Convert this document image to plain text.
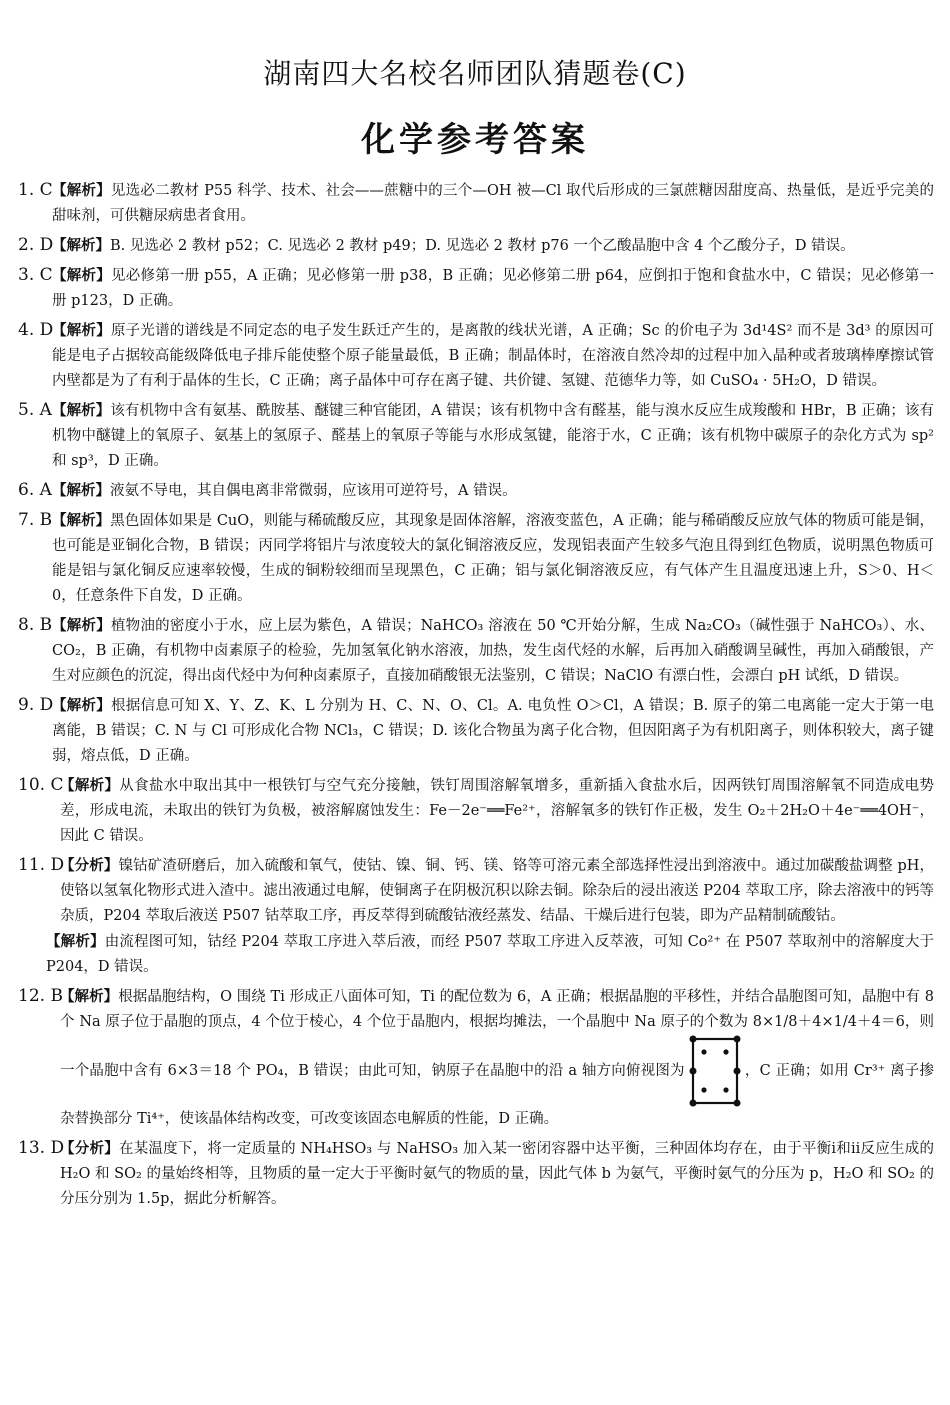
湖南四大名校名师团队猜题卷(C)
化学参考答案
1. C 【解析】见选必二教材 P55 科学、技术、社会——蔗糖中的三个—OH 被—Cl 取代后形成的三氯蔗糖因甜度高、热量低，是近乎完美的甜味剂，可供糖尿病患者食用。
2. D
【解析】B. 见选必 2 教材 p52；C. 见选必 2 教材 p49；D. 见选必 2 教材 p76 一个乙酸晶胞中含 4 个乙酸分子，D 错误。
3. C 【解析】见必修第一册 p55，A 正确；见必修第一册 p38，B 正确；见必修第二册 p64，应倒扣于饱和食盐水中，C 错误；见必修第一册 p123，D 正确。
4. D
【解析】原子光谱的谱线是不同定态的电子发生跃迁产生的，是离散的线状光谱，A 正确；Sc 的价电子为 3d¹4S² 而不是 3d³ 的原因可能是电子占据较高能级降低电子排斥能使整个原子能量最低，B 正确；制晶体时，在溶液自然冷却的过程中加入晶种或者玻璃棒摩擦试管内壁都是为了有利于晶体的生长，C 正确；离子晶体中可存在离子键、共价键、氢键、范德华力等，如 CuSO₄ · 5H₂O，D 错误。
5. A 【解析】该有机物中含有氨基、酰胺基、醚键三种官能团，A 错误；该有机物中含有醛基，能与溴水反应生成羧酸和 HBr，B 正确；该有机物中醚键上的氧原子、氨基上的氢原子、醛基上的氧原子等能与水形成氢键，能溶于水，C 正确；该有机物中碳原子的杂化方式为 sp² 和 sp³，D 正确。
6. A 【解析】液氨不导电，其自偶电离非常微弱，应该用可逆符号，A 错误。
7. B 【解析】黑色固体如果是 CuO，则能与稀硫酸反应，其现象是固体溶解，溶液变蓝色，A 正确；能与稀硝酸反应放气体的物质可能是铜，也可能是亚铜化合物，B 错误；丙同学将铝片与浓度较大的氯化铜溶液反应，发现铝表面产生较多气泡且得到红色物质，说明黑色物质可能是铝与氯化铜反应速率较慢，生成的铜粉较细而呈现黑色，C 正确；铝与氯化铜溶液反应，有气体产生且温度迅速上升，S＞0、H＜0，任意条件下自发，D 正确。
8. B 【解析】植物油的密度小于水，应上层为紫色，A 错误；NaHCO₃ 溶液在 50 ℃开始分解，生成 Na₂CO₃（碱性强于 NaHCO₃）、水、CO₂，B 正确，有机物中卤素原子的检验，先加氢氧化钠水溶液，加热，发生卤代烃的水解，后再加入硝酸调呈碱性，再加入硝酸银，产生对应颜色的沉淀，得出卤代烃中为何种卤素原子，直接加硝酸银无法鉴别，C 错误；NaClO 有漂白性，会漂白 pH 试纸，D 错误。
9. D
【解析】根据信息可知 X、Y、Z、K、L 分别为 H、C、N、O、Cl。A. 电负性 O＞Cl，A 错误；B. 原子的第二电离能一定大于第一电离能，B 错误；C. N 与 Cl 可形成化合物 NCl₃，C 错误；D. 该化合物虽为离子化合物，但因阳离子为有机阳离子，则体积较大，离子键弱，熔点低，D 正确。
10. C
【解析】从食盐水中取出其中一根铁钉与空气充分接触，铁钉周围溶解氧增多，重新插入食盐水后，因两铁钉周围溶解氧不同造成电势差，形成电流，未取出的铁钉为负极，被溶解腐蚀发生：Fe－2e⁻══Fe²⁺，溶解氧多的铁钉作正极，发生 O₂＋2H₂O＋4e⁻══4OH⁻，因此 C 错误。
11. D
【分析】镍钴矿渣研磨后，加入硫酸和氧气，使钴、镍、铜、钙、镁、铬等可溶元素全部选择性浸出到溶液中。通过加碳酸盐调整 pH，使铬以氢氧化物形式进入渣中。滤出液通过电解，使铜离子在阴极沉积以除去铜。除杂后的浸出液送 P204 萃取工序，除去溶液中的钙等杂质，P204 萃取后液送 P507 钴萃取工序，再反萃得到硫酸钴液经蒸发、结晶、干燥后进行包装，即为产品精制硫酸钴。
【解析】由流程图可知，钴经 P204 萃取工序进入萃后液，而经 P507 萃取工序进入反萃液，可知 Co²⁺ 在 P507 萃取剂中的溶解度大于 P204，D 错误。
12. B
【解析】根据晶胞结构，O 围绕 Ti 形成正八面体可知，Ti 的配位数为 6，A 正确；根据晶胞的平移性，并结合晶胞图可知，晶胞中有 8 个 Na 原子位于晶胞的顶点，4 个位于棱心，4 个位于晶胞内，根据均摊法，一个晶胞中 Na 原子的个数为 8×1/8＋4×1/4＋4＝6，则一个晶胞中含有 6×3＝18 个 PO₄，B 错误；由此可知，钠原子在晶胞中的沿 a 轴方向俯视图为	，C 正确；如用 Cr³⁺ 离子掺杂替换部分 Ti⁴⁺，使该晶体结构改变，可改变该固态电解质的性能，D 正确。
13. D
【分析】在某温度下，将一定质量的 NH₄HSO₃ 与 NaHSO₃ 加入某一密闭容器中达平衡，三种固体均存在，由于平衡ⅰ和ⅱ反应生成的 H₂O 和 SO₂ 的量始终相等，且物质的量一定大于平衡时氨气的物质的量，因此气体 b 为氨气，平衡时氨气的分压为 p，H₂O 和 SO₂ 的分压分别为 1.5p，据此分析解答。
